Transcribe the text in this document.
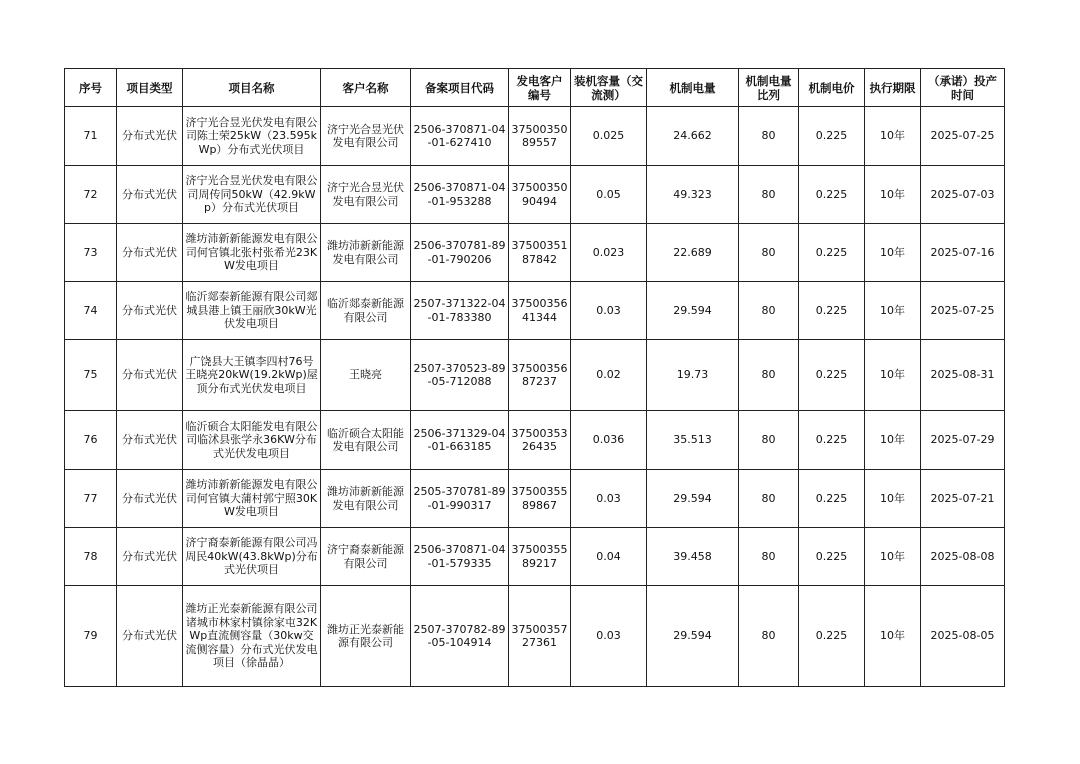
序号	项目类型	项目名称	客户名称	备案项目代码	发电客户编号	装机容量（交流测）	机制电量	机制电量比列	机制电价	执行期限	（承诺）投产时间
71	分布式光伏	济宁光合昱光伏发电有限公司陈士荣25kW（23.595kWp）分布式光伏项目	济宁光合昱光伏发电有限公司	2506-370871-04-01-627410	3750035089557	0.025	24.662	80	0.225	10年	2025-07-25
72	分布式光伏	济宁光合昱光伏发电有限公司周传同50kW（42.9kWp）分布式光伏项目	济宁光合昱光伏发电有限公司	2506-370871-04-01-953288	3750035090494	0.05	49.323	80	0.225	10年	2025-07-03
73	分布式光伏	潍坊沛新新能源发电有限公司何官镇北张村张希光23KW发电项目	潍坊沛新新能源发电有限公司	2506-370781-89-01-790206	3750035187842	0.023	22.689	80	0.225	10年	2025-07-16
74	分布式光伏	临沂郯泰新能源有限公司郯城县港上镇王丽欣30kW光伏发电项目	临沂郯泰新能源有限公司	2507-371322-04-01-783380	3750035641344	0.03	29.594	80	0.225	10年	2025-07-25
75	分布式光伏	广饶县大王镇李四村76号王晓亮20kW(19.2kWp)屋顶分布式光伏发电项目	王晓亮	2507-370523-89-05-712088	3750035687237	0.02	19.73	80	0.225	10年	2025-08-31
76	分布式光伏	临沂硕合太阳能发电有限公司临沭县张学永36KW分布式光伏发电项目	临沂硕合太阳能发电有限公司	2506-371329-04-01-663185	3750035326435	0.036	35.513	80	0.225	10年	2025-07-29
77	分布式光伏	潍坊沛新新能源发电有限公司何官镇大蒲村郭宁照30KW发电项目	潍坊沛新新能源发电有限公司	2505-370781-89-01-990317	3750035589867	0.03	29.594	80	0.225	10年	2025-07-21
78	分布式光伏	济宁裔泰新能源有限公司冯周民40kW(43.8kWp)分布式光伏项目	济宁裔泰新能源有限公司	2506-370871-04-01-579335	3750035589217	0.04	39.458	80	0.225	10年	2025-08-08
79	分布式光伏	潍坊正光泰新能源有限公司诸城市林家村镇徐家屯32KWp直流侧容量（30kw交流侧容量）分布式光伏发电项目（徐晶晶）	潍坊正光泰新能源有限公司	2507-370782-89-05-104914	3750035727361	0.03	29.594	80	0.225	10年	2025-08-05
